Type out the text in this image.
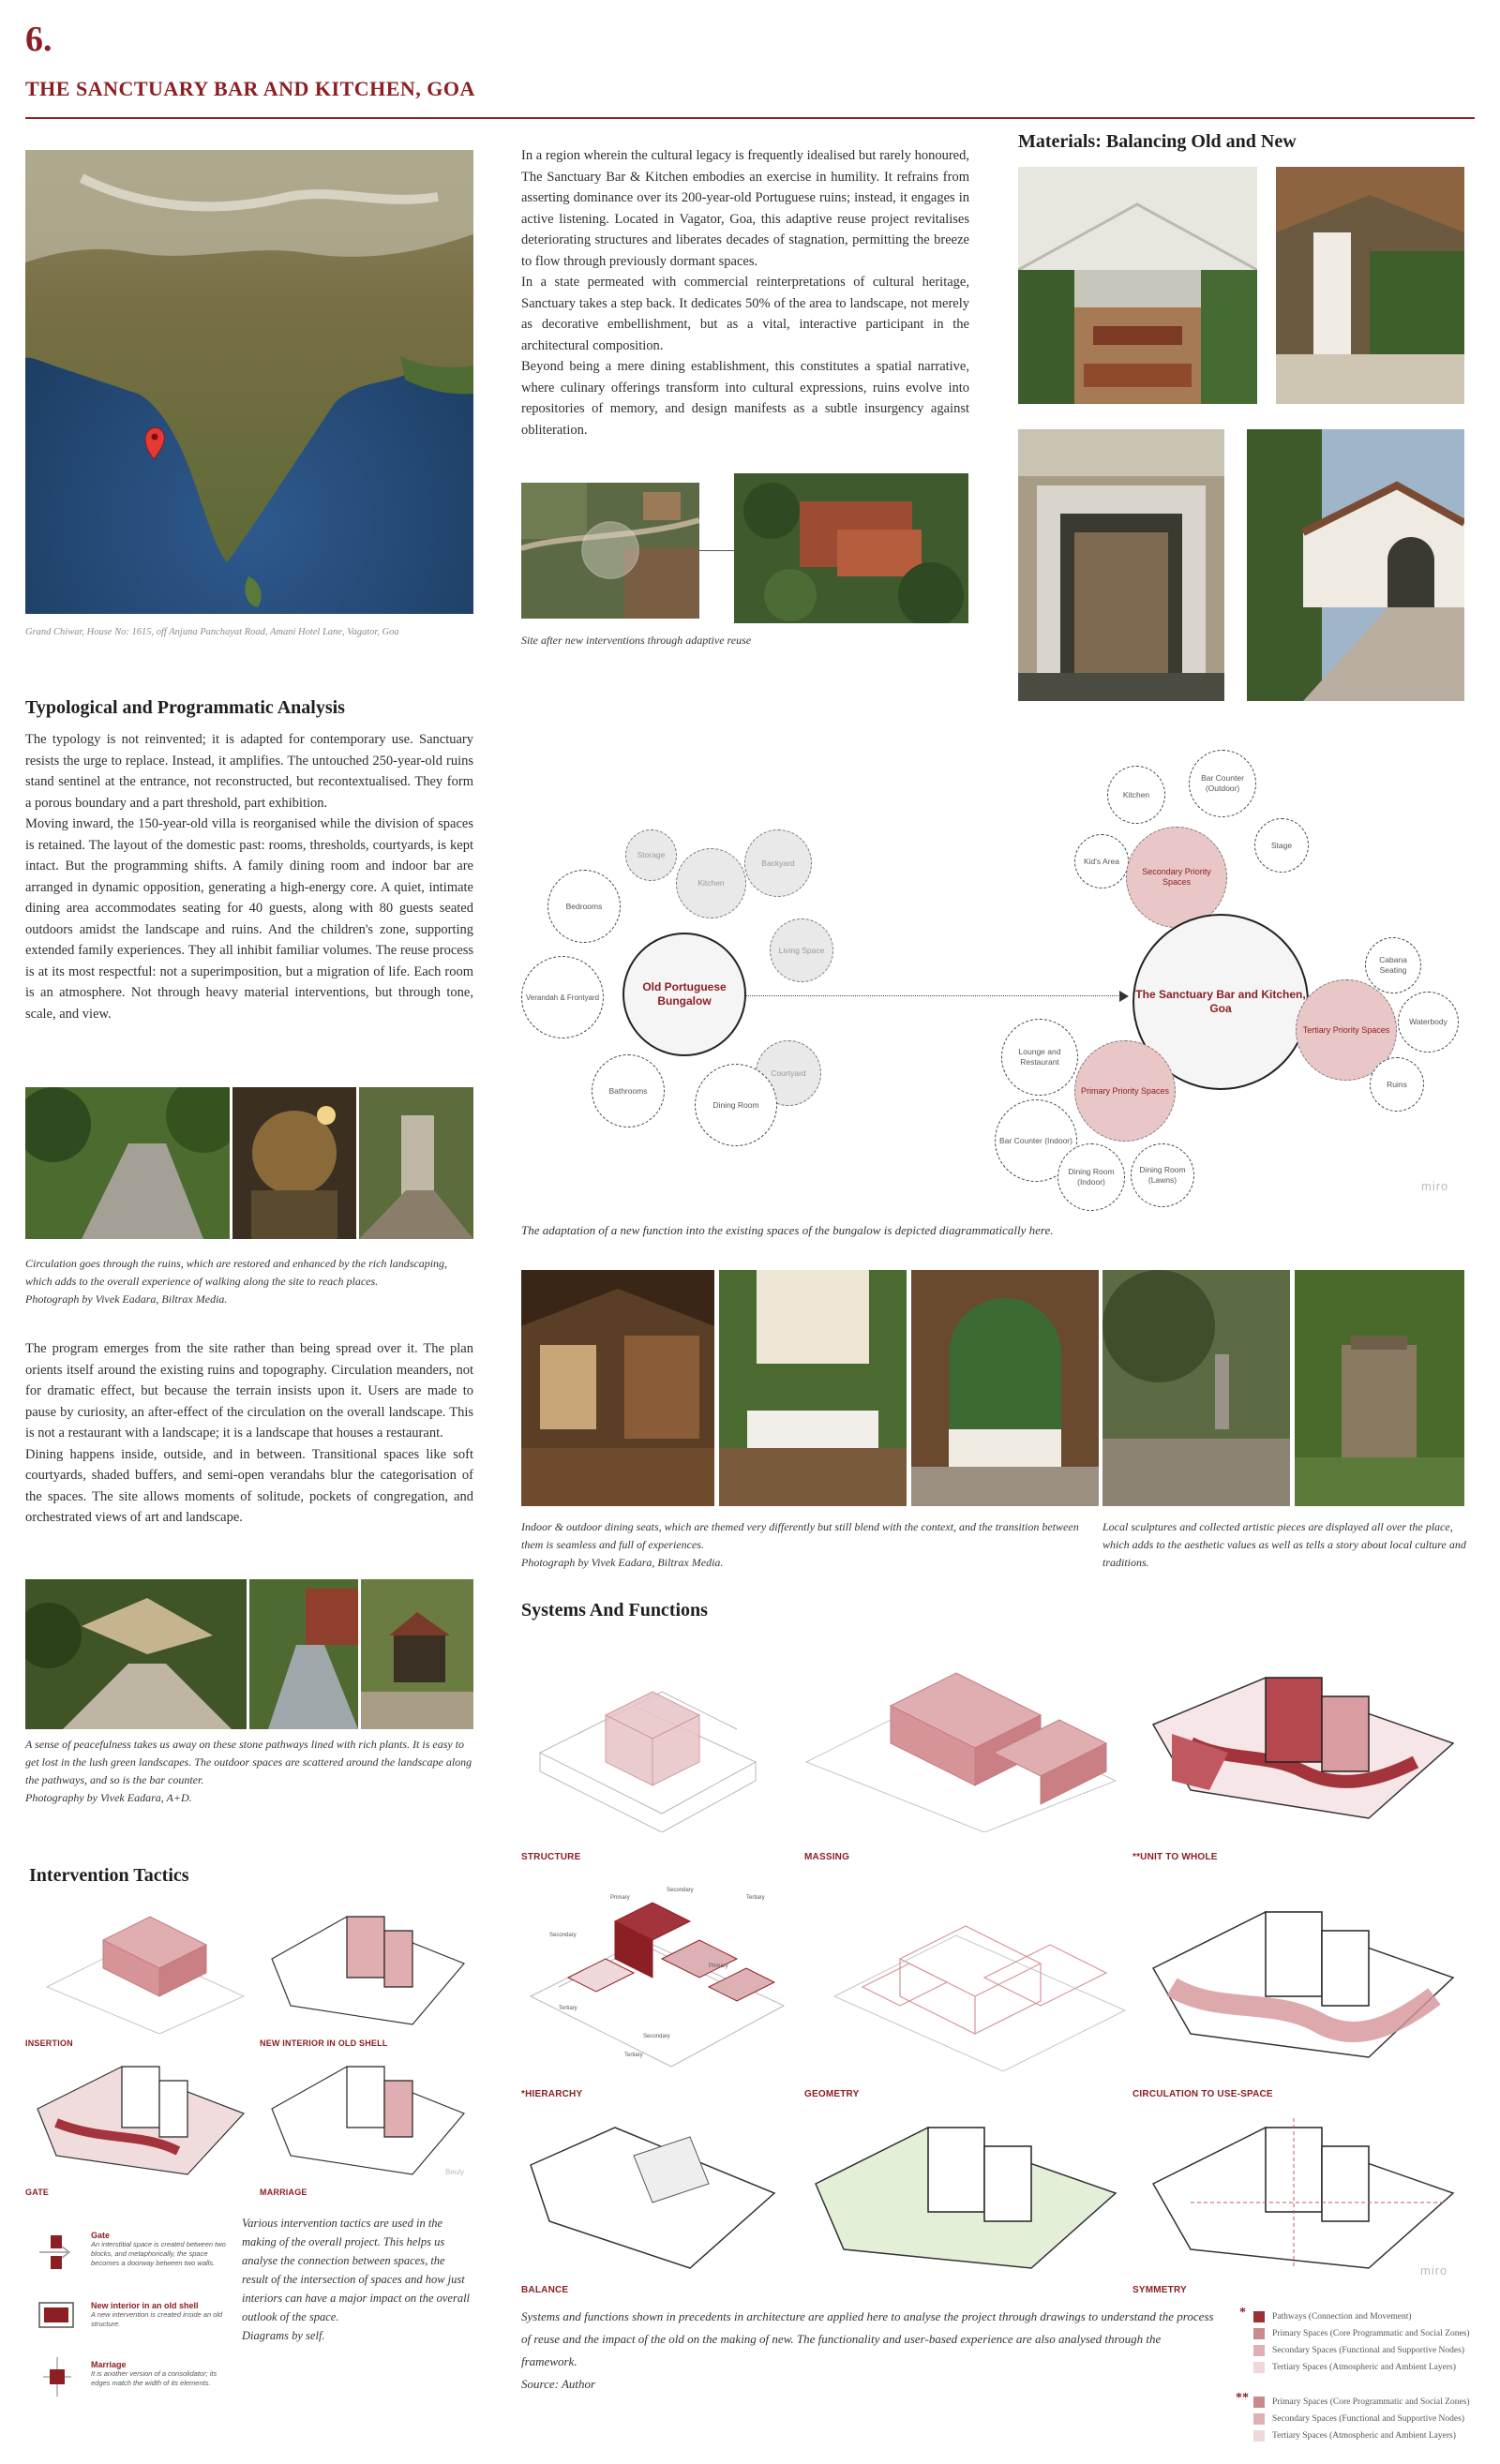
6.
THE SANCTUARY BAR AND KITCHEN, GOA
Grand Chiwar, House No: 1615, off Anjuna Panchayat Road, Amani Hotel Lane, Vagator, Goa

In a region wherein the cultural legacy is frequently idealised but rarely honoured, The Sanctuary Bar & Kitchen embodies an exercise in humility. It refrains from asserting dominance over its 200-year-old Portuguese ruins; instead, it engages in active listening. Located in Vagator, Goa, this adaptive reuse project revitalises deteriorating structures and liberates decades of stagnation, permitting the breeze to flow through previously dormant spaces.

In a state permeated with commercial reinterpretations of cultural heritage, Sanctuary takes a step back. It dedicates 50% of the area to landscape, not merely as decorative embellishment, but as a vital, interactive participant in the architectural composition.

Beyond being a mere dining establishment, this constitutes a spatial narrative, where culinary offerings transform into cultural expressions, ruins evolve into repositories of memory, and design manifests as a subtle insurgency against obliteration.

Site after new interventions through adaptive reuse
Materials: Balancing Old and New
Typological and Programmatic Analysis

The typology is not reinvented; it is adapted for contemporary use. Sanctuary resists the urge to replace. Instead, it amplifies. The untouched 250-year-old ruins stand sentinel at the entrance, not reconstructed, but recontextualised. They form a porous boundary and a part threshold, part exhibition.

Moving inward, the 150-year-old villa is reorganised while the division of spaces is retained. The layout of the domestic past: rooms, thresholds, courtyards, is kept intact. But the programming shifts. A family dining room and indoor bar are arranged in dynamic opposition, generating a high-energy core. A quiet, intimate dining area accommodates seating for 40 guests, along with 80 guests seated outdoors amidst the landscape and ruins. And the children's zone, supporting extended family experiences. They all inhibit familiar volumes. The reuse process is at its most respectful: not a superimposition, but a migration of life. Each room is an atmosphere. Not through heavy material interventions, but through tone, scale, and view.

Circulation goes through the ruins, which are restored and enhanced by the rich landscaping, which adds to the overall experience of walking along the site to reach places.

Photograph by Vivek Eadara, Biltrax Media.

The program emerges from the site rather than being spread over it. The plan orients itself around the existing ruins and topography. Circulation meanders, not for dramatic effect, but because the terrain insists upon it. Users are made to pause by curiosity, an after-effect of the circulation on the overall landscape. This is not a restaurant with a landscape; it is a landscape that houses a restaurant.

Dining happens inside, outside, and in between. Transitional spaces like soft courtyards, shaded buffers, and semi-open verandahs blur the categorisation of the spaces. The site allows moments of solitude, pockets of congregation, and orchestrated views of art and landscape.

A sense of peacefulness takes us away on these stone pathways lined with rich plants. It is easy to get lost in the lush green landscapes. The outdoor spaces are scattered around the landscape along the pathways, and so is the bar counter.

Photography by Vivek Eadara, A+D.

Storage
Kitchen
Backyard
Bedrooms
Living Space
Verandah & Frontyard
Old Portuguese Bungalow
Courtyard
Bathrooms
Dining Room
Kitchen
Bar Counter (Outdoor)
Stage
Kid's Area
Secondary Priority Spaces
The Sanctuary Bar and Kitchen, Goa
Cabana Seating
Tertiary Priority Spaces
Waterbody
Ruins
Lounge and Restaurant
Primary Priority Spaces
Bar Counter (Indoor)
Dining Room (Indoor)
Dining Room (Lawns)	miro
The adaptation of a new function into the existing spaces of the bungalow is depicted diagrammatically here.

Indoor & outdoor dining seats, which are themed very differently but still blend with the context, and the transition between them is seamless and full of experiences.

Photograph by Vivek Eadara, Biltrax Media.

Local sculptures and collected artistic pieces are displayed all over the place, which adds to the aesthetic values as well as tells a story about local culture and traditions.
Systems And Functions
STRUCTURE	MASSING	**UNIT TO WHOLE
Primary
Secondary
Tertiary
Secondary
Primary
Tertiary
Secondary
Tertiary
*HIERARCHY	GEOMETRY	CIRCULATION TO USE-SPACE
miro
BALANCE	SYMMETRY

Systems and functions shown in precedents in architecture are applied here to analyse the project through drawings to understand the process of reuse and the impact of the old on the making of new. The functionality and user-based experience are also analysed through the framework.

Source: Author

*	Pathways (Connection and Movement)
Primary Spaces (Core Programmatic and Social Zones)
Secondary Spaces (Functional and Supportive Nodes)
Tertiary Spaces (Atmospheric and Ambient Layers)
**	Primary Spaces (Core Programmatic and Social Zones)
Secondary Spaces (Functional and Supportive Nodes)
Tertiary Spaces (Atmospheric and Ambient Layers)
Intervention Tactics
INSERTION	NEW INTERIOR IN OLD SHELL
Beuly
GATE	MARRIAGE
Gate
An interstitial space is created between two blocks, and metaphorically, the space becomes a doorway between two walls.
New interior in an old shell
A new intervention is created inside an old structure.
Marriage
It is another version of a consolidator; its edges match the width of its elements.

Various intervention tactics are used in the making of the overall project. This helps us analyse the connection between spaces, the result of the intersection of spaces and how just interiors can have a major impact on the overall outlook of the space.

Diagrams by self.
